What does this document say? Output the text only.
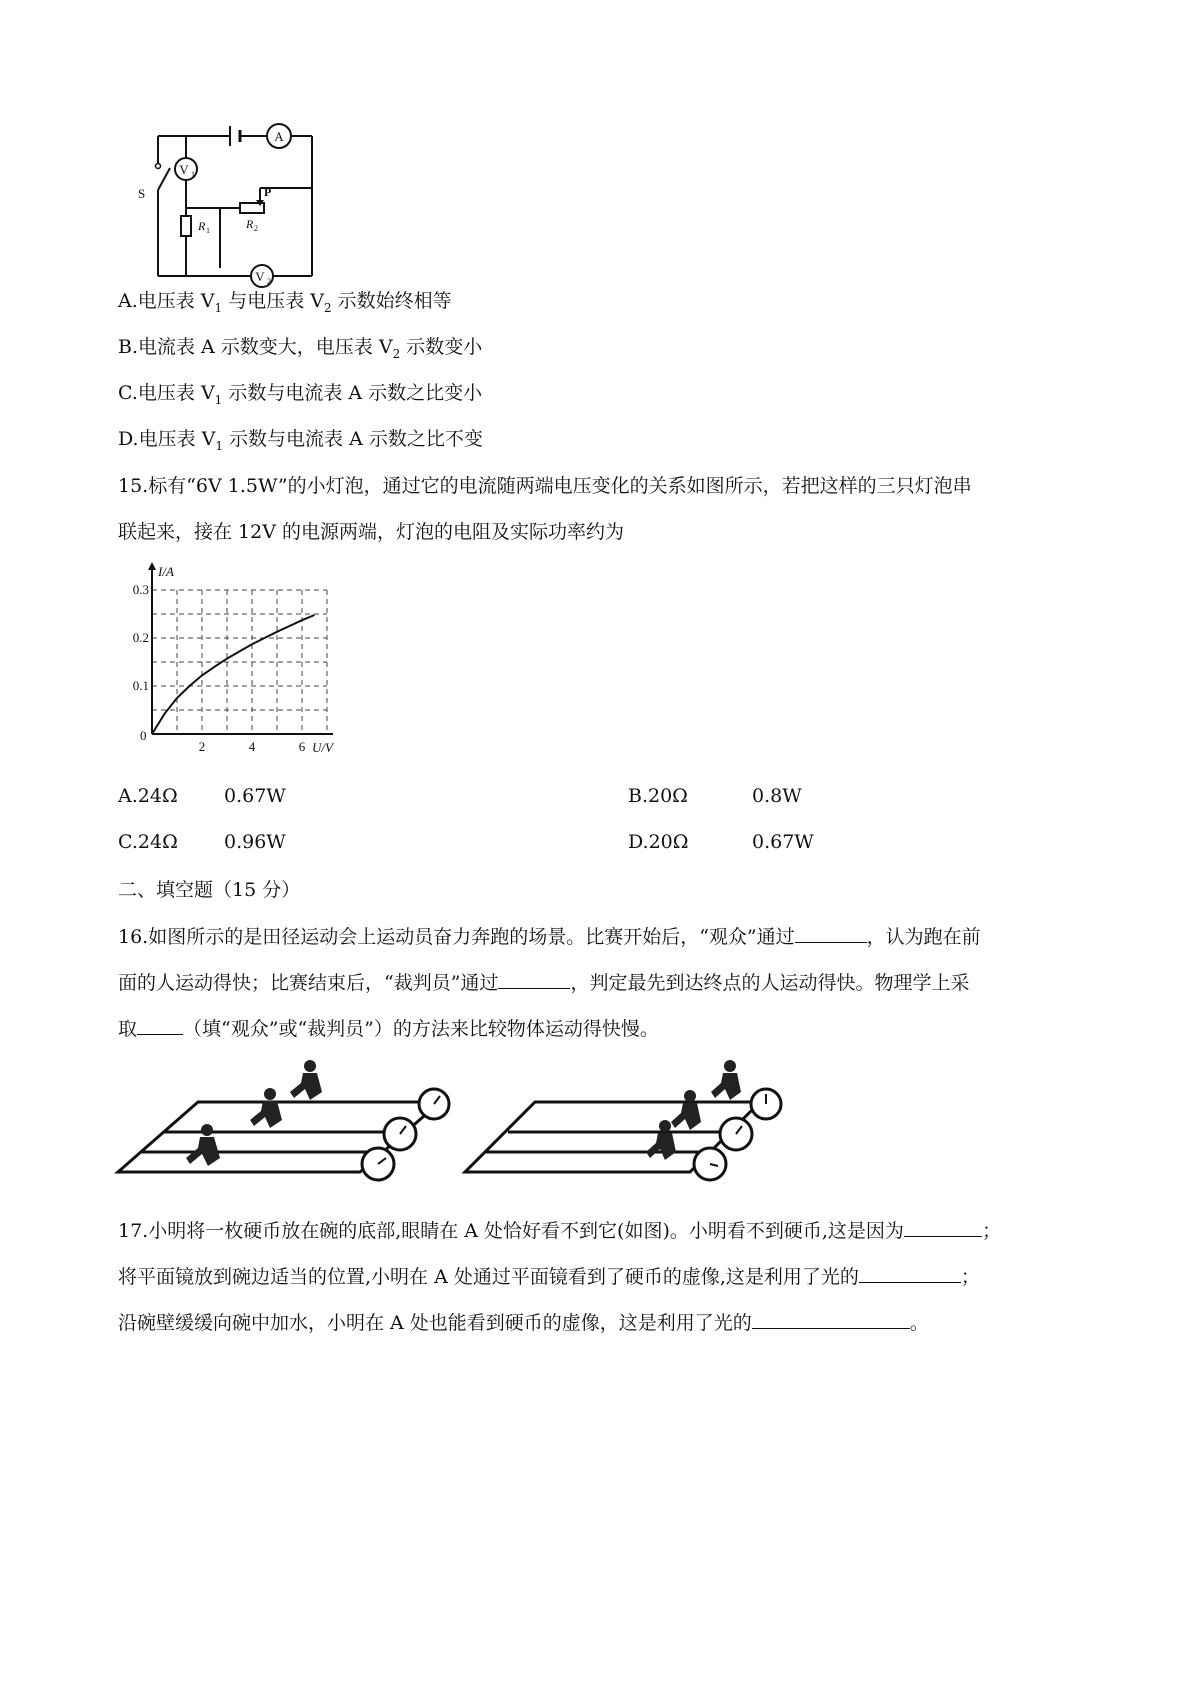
A
V 1
R 1
P
R 2
V 2
S
A.电压表 $V_1$ 与电压表 $V_2$ 示数始终相等
B.电流表 A 示数变大，电压表 $V_2$ 示数变小
C.电压表 $V_1$ 示数与电流表 A 示数之比变小
D.电压表 $V_1$ 示数与电流表 A 示数之比不变
15.标有“6V 1.5W”的小灯泡，通过它的电流随两端电压变化的关系如图所示，若把这样的三只灯泡串
联起来，接在 12V 的电源两端，灯泡的电阻及实际功率约为
2	4	6
0.1
0.2
0.3
I/A
U/V
0
A.24Ω 0.67W	B.20Ω	0.8W
C.24Ω 0.96W	D.20Ω	0.67W
二、填空题（15 分）
16.如图所示的是田径运动会上运动员奋力奔跑的场景。比赛开始后，“观众”通过	，认为跑在前
面的人运动得快；比赛结束后，“裁判员”通过	，判定最先到达终点的人运动得快。物理学上采
取 （填“观众”或“裁判员”）的方法来比较物体运动得快慢。
17.小明将一枚硬币放在碗的底部,眼睛在 A 处恰好看不到它(如图)。小明看不到硬币,这是因为	；
将平面镜放到碗边适当的位置,小明在 A 处通过平面镜看到了硬币的虚像,这是利用了光的	；
沿碗壁缓缓向碗中加水，小明在 A 处也能看到硬币的虚像，这是利用了光的	。
